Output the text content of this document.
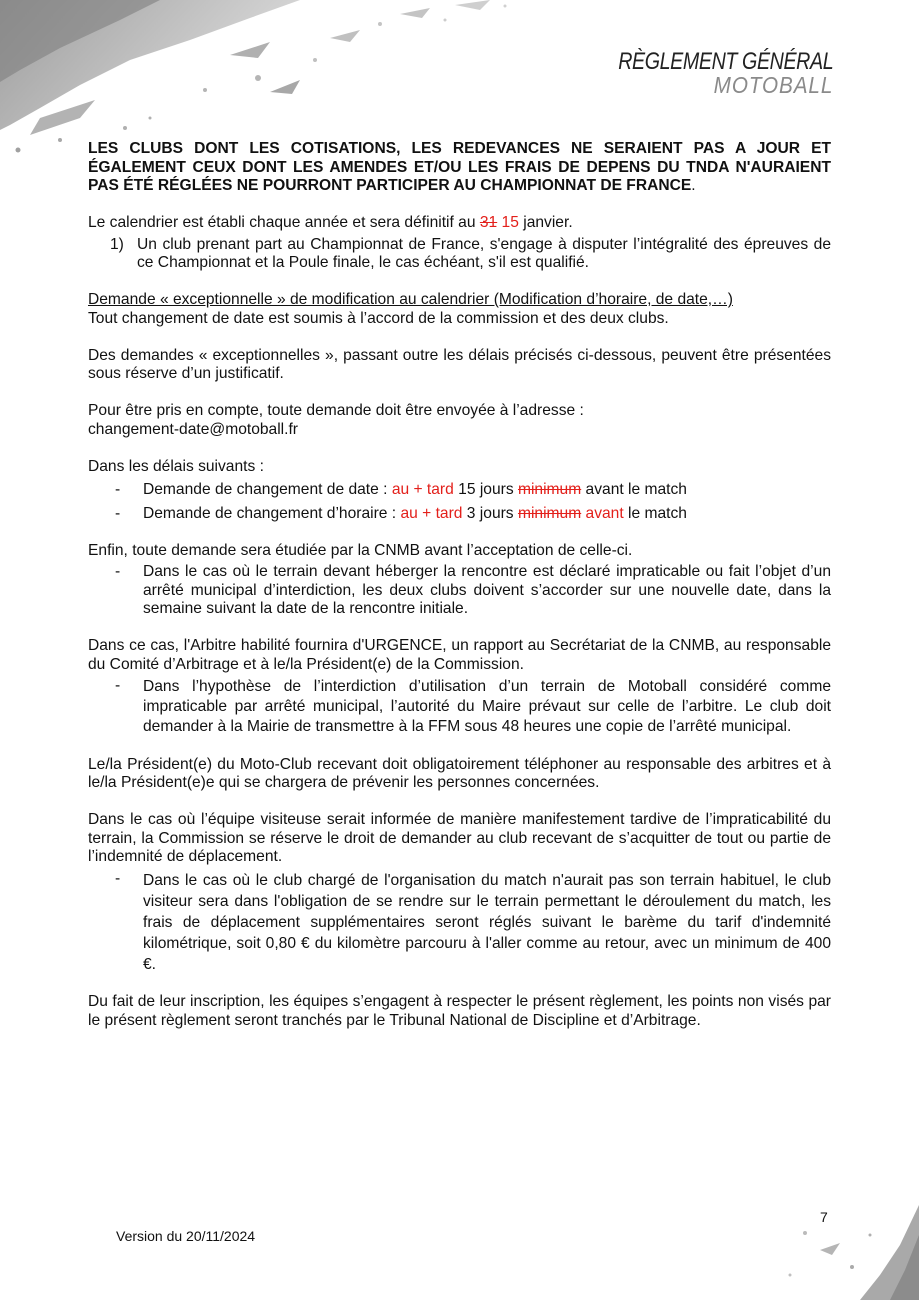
RÈGLEMENT GÉNÉRAL
MOTOBALL

LES CLUBS DONT LES COTISATIONS, LES REDEVANCES NE SERAIENT PAS A JOUR ET ÉGALEMENT CEUX DONT LES AMENDES ET/OU LES FRAIS DE DEPENS DU TNDA N'AURAIENT PAS ÉTÉ RÉGLÉES NE POURRONT PARTICIPER AU CHAMPIONNAT DE FRANCE.

Le calendrier est établi chaque année et sera définitif au 31 15 janvier.

1) Un club prenant part au Championnat de France, s'engage à disputer l’intégralité des épreuves de ce Championnat et la Poule finale, le cas échéant, s'il est qualifié.

Demande « exceptionnelle » de modification au calendrier (Modification d’horaire, de date,…)

Tout changement de date est soumis à l’accord de la commission et des deux clubs.

Des demandes « exceptionnelles », passant outre les délais précisés ci-dessous, peuvent être présentées sous réserve d’un justificatif.

Pour être pris en compte, toute demande doit être envoyée à l’adresse :

changement-date@motoball.fr

Dans les délais suivants :

-	Demande de changement de date : au + tard 15 jours minimum avant le match
-	Demande de changement d’horaire : au + tard 3 jours minimum avant le match

Enfin, toute demande sera étudiée par la CNMB avant l’acceptation de celle-ci.

-	Dans le cas où le terrain devant héberger la rencontre est déclaré impraticable ou fait l’objet d’un arrêté municipal d’interdiction, les deux clubs doivent s’accorder sur une nouvelle date, dans la semaine suivant la date de la rencontre initiale.

Dans ce cas, l'Arbitre habilité fournira d'URGENCE, un rapport au Secrétariat de la CNMB, au responsable du Comité d’Arbitrage et à le/la Président(e) de la Commission.

-	Dans l’hypothèse de l’interdiction d’utilisation d’un terrain de Motoball considéré comme impraticable par arrêté municipal, l’autorité du Maire prévaut sur celle de l’arbitre. Le club doit demander à la Mairie de transmettre à la FFM sous 48 heures une copie de l’arrêté municipal.

Le/la Président(e) du Moto-Club recevant doit obligatoirement téléphoner au responsable des arbitres et à le/la Président(e)e qui se chargera de prévenir les personnes concernées.

Dans le cas où l’équipe visiteuse serait informée de manière manifestement tardive de l’impraticabilité du terrain, la Commission se réserve le droit de demander au club recevant de s’acquitter de tout ou partie de l’indemnité de déplacement.

-	Dans le cas où le club chargé de l'organisation du match n'aurait pas son terrain habituel, le club visiteur sera dans l'obligation de se rendre sur le terrain permettant le déroulement du match, les frais de déplacement supplémentaires seront réglés suivant le barème du tarif d'indemnité kilométrique, soit 0,80 € du kilomètre parcouru à l'aller comme au retour, avec un minimum de 400 €.

Du fait de leur inscription, les équipes s’engagent à respecter le présent règlement, les points non visés par le présent règlement seront tranchés par le Tribunal National de Discipline et d’Arbitrage.

Version du 20/11/2024
7
